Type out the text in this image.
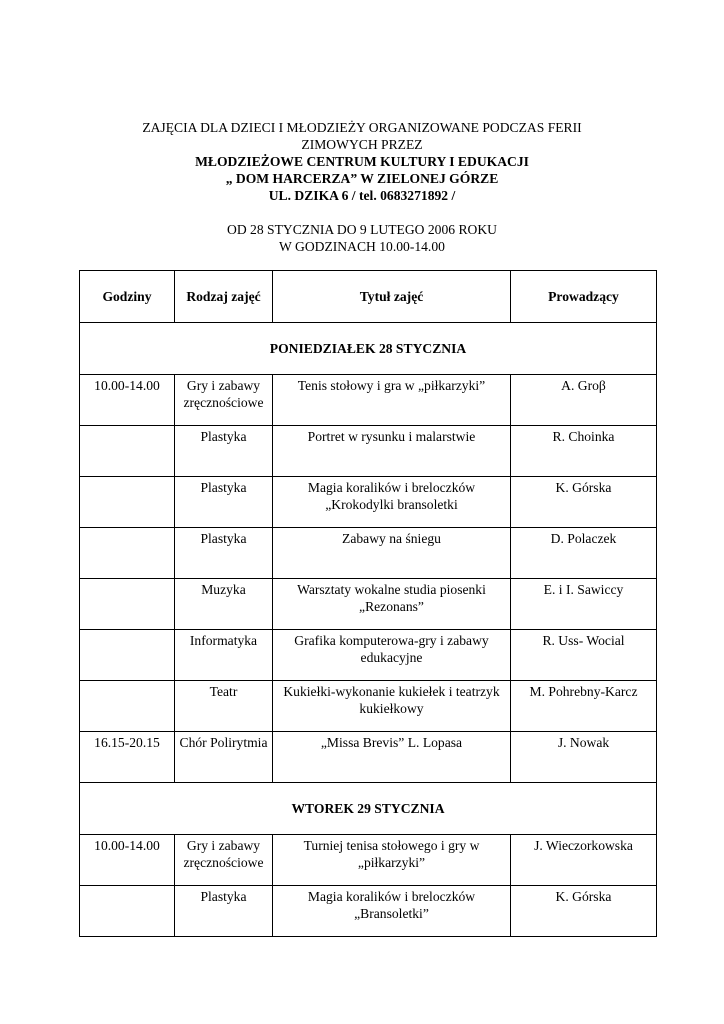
ZAJĘCIA DLA DZIECI I MŁODZIEŻY ORGANIZOWANE PODCZAS FERII
ZIMOWYCH PRZEZ
MŁODZIEŻOWE CENTRUM KULTURY I EDUKACJI
„ DOM HARCERZA” W ZIELONEJ GÓRZE
UL. DZIKA 6 / tel. 0683271892 /
OD 28 STYCZNIA DO 9 LUTEGO 2006 ROKU
W GODZINACH 10.00-14.00
Godziny	Rodzaj zajęć	Tytuł zajęć	Prowadzący
PONIEDZIAŁEK 28 STYCZNIA			
10.00-14.00	Gry i zabawy zręcznościowe	Tenis stołowy i gra w „piłkarzyki”	A. Groβ
	Plastyka	Portret w rysunku i malarstwie	R. Choinka
	Plastyka	Magia koralików i breloczków „Krokodylki bransoletki	K. Górska
	Plastyka	Zabawy na śniegu	D. Polaczek
	Muzyka	Warsztaty wokalne studia piosenki „Rezonans”	E. i I. Sawiccy
	Informatyka	Grafika komputerowa-gry i zabawy edukacyjne	R. Uss- Wocial
	Teatr	Kukiełki-wykonanie kukiełek i teatrzyk kukiełkowy	M. Pohrebny-Karcz
16.15-20.15	Chór Polirytmia	„Missa Brevis” L. Lopasa	J. Nowak
WTOREK 29 STYCZNIA			
10.00-14.00	Gry i zabawy zręcznościowe	Turniej tenisa stołowego i gry w „piłkarzyki”	J. Wieczorkowska
	Plastyka	Magia koralików i breloczków „Bransoletki”	K. Górska
